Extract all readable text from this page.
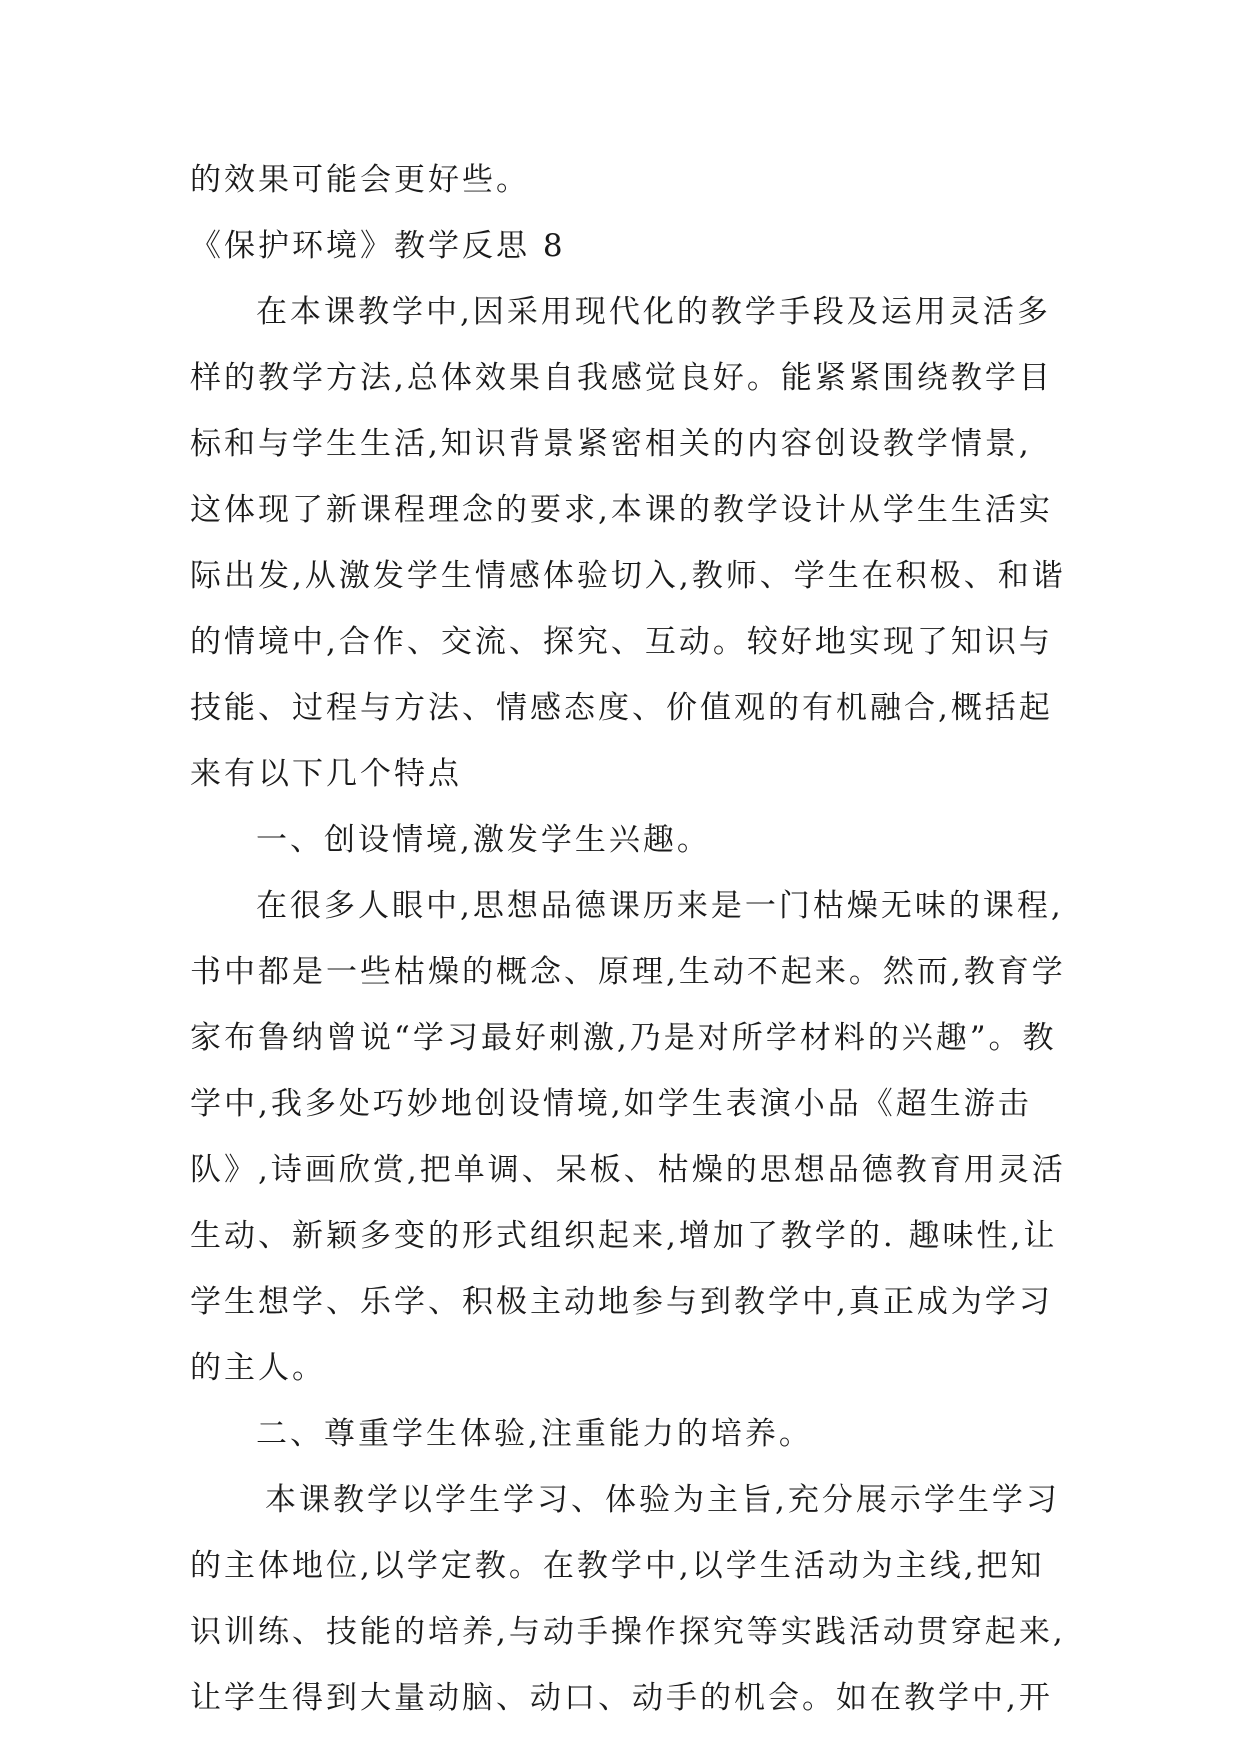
的效果可能会更好些。
《保护环境》教学反思 8
在本课教学中,因采用现代化的教学手段及运用灵活多
样的教学方法,总体效果自我感觉良好。能紧紧围绕教学目
标和与学生生活,知识背景紧密相关的内容创设教学情景,
这体现了新课程理念的要求,本课的教学设计从学生生活实
际出发,从激发学生情感体验切入,教师、学生在积极、和谐
的情境中,合作、交流、探究、互动。较好地实现了知识与
技能、过程与方法、情感态度、价值观的有机融合,概括起
来有以下几个特点
一、创设情境,激发学生兴趣。
在很多人眼中,思想品德课历来是一门枯燥无味的课程,
书中都是一些枯燥的概念、原理,生动不起来。然而,教育学
家布鲁纳曾说“学习最好刺激,乃是对所学材料的兴趣”。教
学中,我多处巧妙地创设情境,如学生表演小品《超生游击
队》,诗画欣赏,把单调、呆板、枯燥的思想品德教育用灵活
生动、新颖多变的形式组织起来,增加了教学的. 趣味性,让
学生想学、乐学、积极主动地参与到教学中,真正成为学习
的主人。
二、尊重学生体验,注重能力的培养。
本课教学以学生学习、体验为主旨,充分展示学生学习
的主体地位,以学定教。在教学中,以学生活动为主线,把知
识训练、技能的培养,与动手操作探究等实践活动贯穿起来,
让学生得到大量动脑、动口、动手的机会。如在教学中,开
